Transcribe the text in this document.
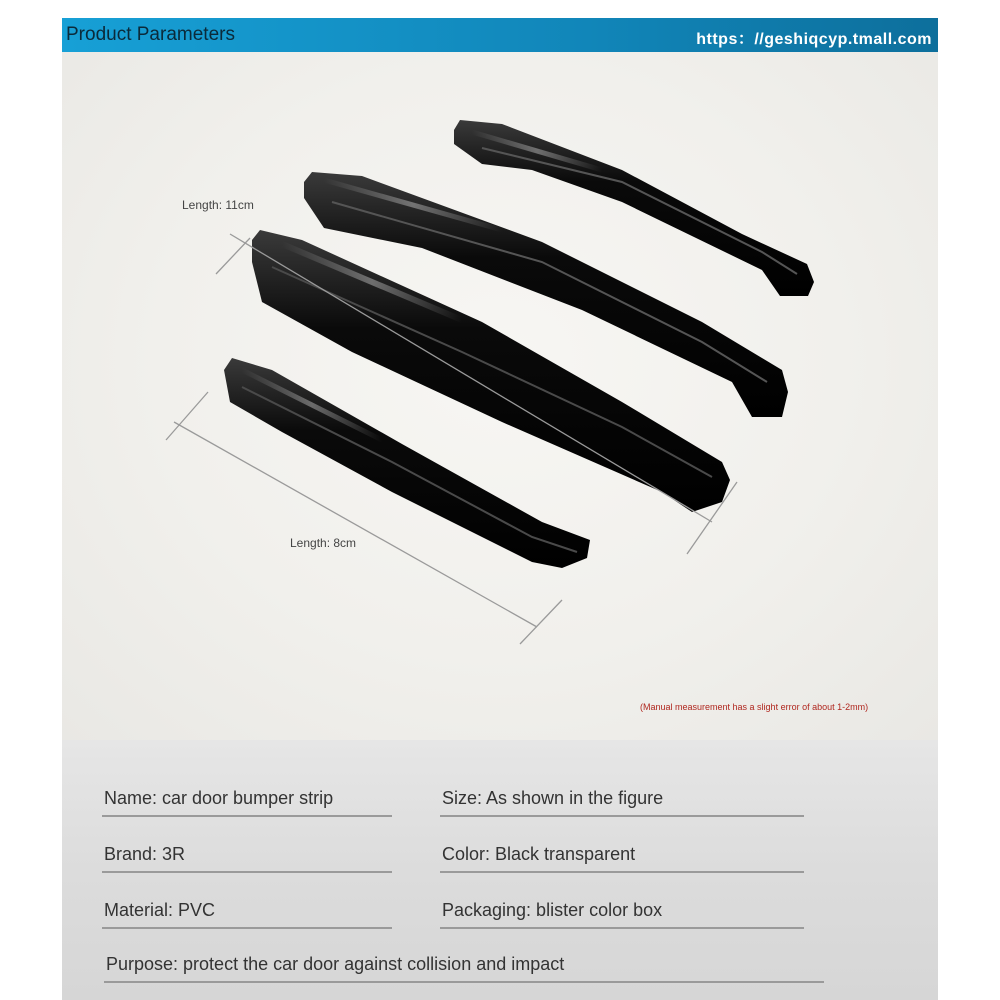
Product Parameters	https：//geshiqcyp.tmall.com
Length: 11cm
Length: 8cm
(Manual measurement has a slight error of about 1-2mm)
Name: car door bumper strip	Size: As shown in the figure
Brand: 3R	Color: Black transparent
Material: PVC	Packaging: blister color box
Purpose: protect the car door against collision and impact
